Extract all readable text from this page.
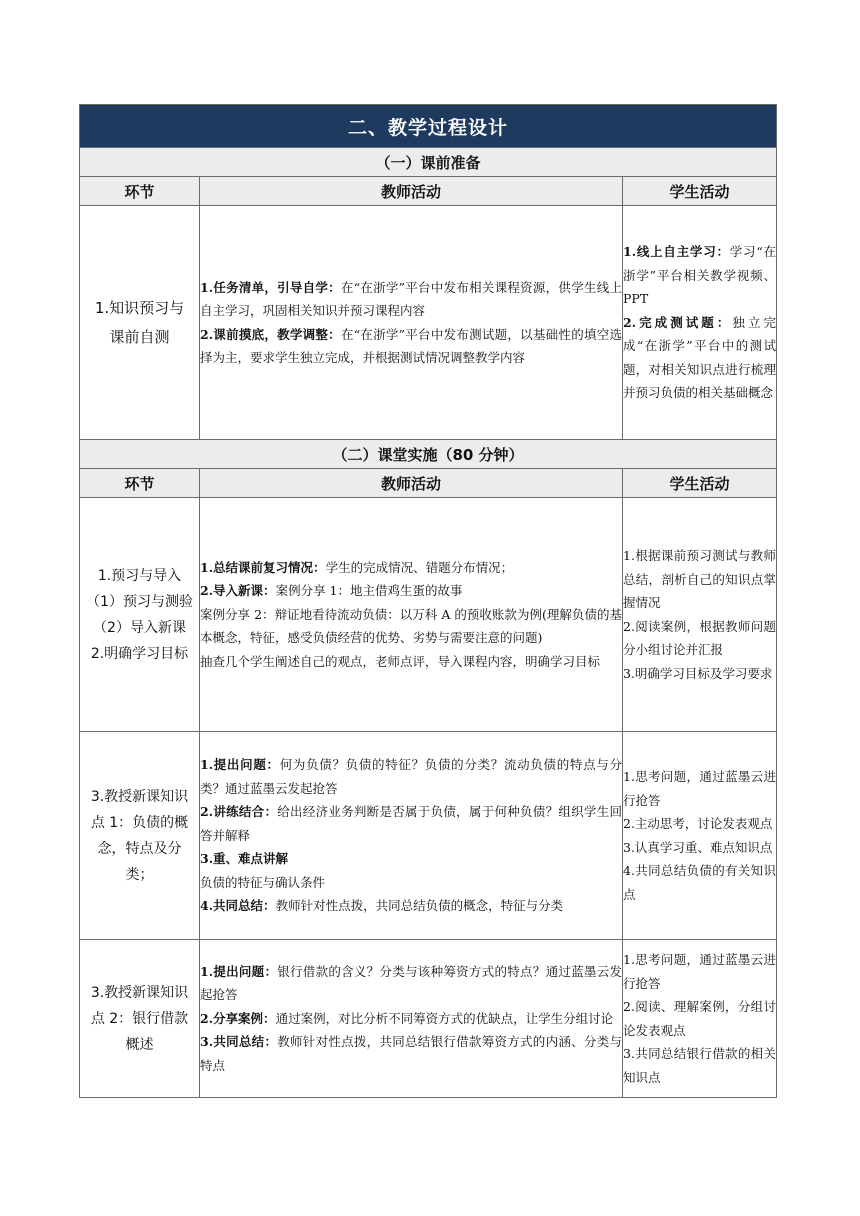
二、教学过程设计		
（一）课前准备		
环节	教师活动	学生活动
1.知识预习与课前自测	1.任务清单，引导自学：在“在浙学”平台中发布相关课程资源，供学生线上自主学习，巩固相关知识并预习课程内容
2.课前摸底，教学调整：在“在浙学”平台中发布测试题，以基础性的填空选择为主，要求学生独立完成，并根据测试情况调整教学内容	1.线上自主学习：学习“在浙学”平台相关教学视频、PPT
2.完成测试题：独立完成“在浙学”平台中的测试题，对相关知识点进行梳理并预习负债的相关基础概念

（二）课堂实施（80 分钟）		
环节	教师活动	学生活动

1.预习与导入
（1）预习与测验
（2）导入新课
2.明确学习目标	1.总结课前复习情况：学生的完成情况、错题分布情况；
2.导入新课：案例分享 1：地主借鸡生蛋的故事
案例分享 2：辩证地看待流动负债：以万科 A 的预收账款为例(理解负债的基本概念，特征，感受负债经营的优势、劣势与需要注意的问题)
抽查几个学生阐述自己的观点，老师点评，导入课程内容，明确学习目标	1.根据课前预习测试与教师总结，剖析自己的知识点掌握情况
2.阅读案例，根据教师问题分小组讨论并汇报
3.明确学习目标及学习要求

3.教授新课知识点 1：负债的概念，特点及分类；	1.提出问题：何为负债？负债的特征？负债的分类？流动负债的特点与分类？通过蓝墨云发起抢答
2.讲练结合：给出经济业务判断是否属于负债，属于何种负债？组织学生回答并解释
3.重、难点讲解
负债的特征与确认条件
4.共同总结：教师针对性点拨，共同总结负债的概念，特征与分类	1.思考问题，通过蓝墨云进行抢答
2.主动思考，讨论发表观点
3.认真学习重、难点知识点
4.共同总结负债的有关知识点

3.教授新课知识点 2：银行借款概述	1.提出问题：银行借款的含义？分类与该种筹资方式的特点？通过蓝墨云发起抢答
2.分享案例：通过案例，对比分析不同筹资方式的优缺点，让学生分组讨论
3.共同总结：教师针对性点拨，共同总结银行借款筹资方式的内涵、分类与特点	1.思考问题，通过蓝墨云进行抢答
2.阅读、理解案例，分组讨论发表观点
3.共同总结银行借款的相关知识点
